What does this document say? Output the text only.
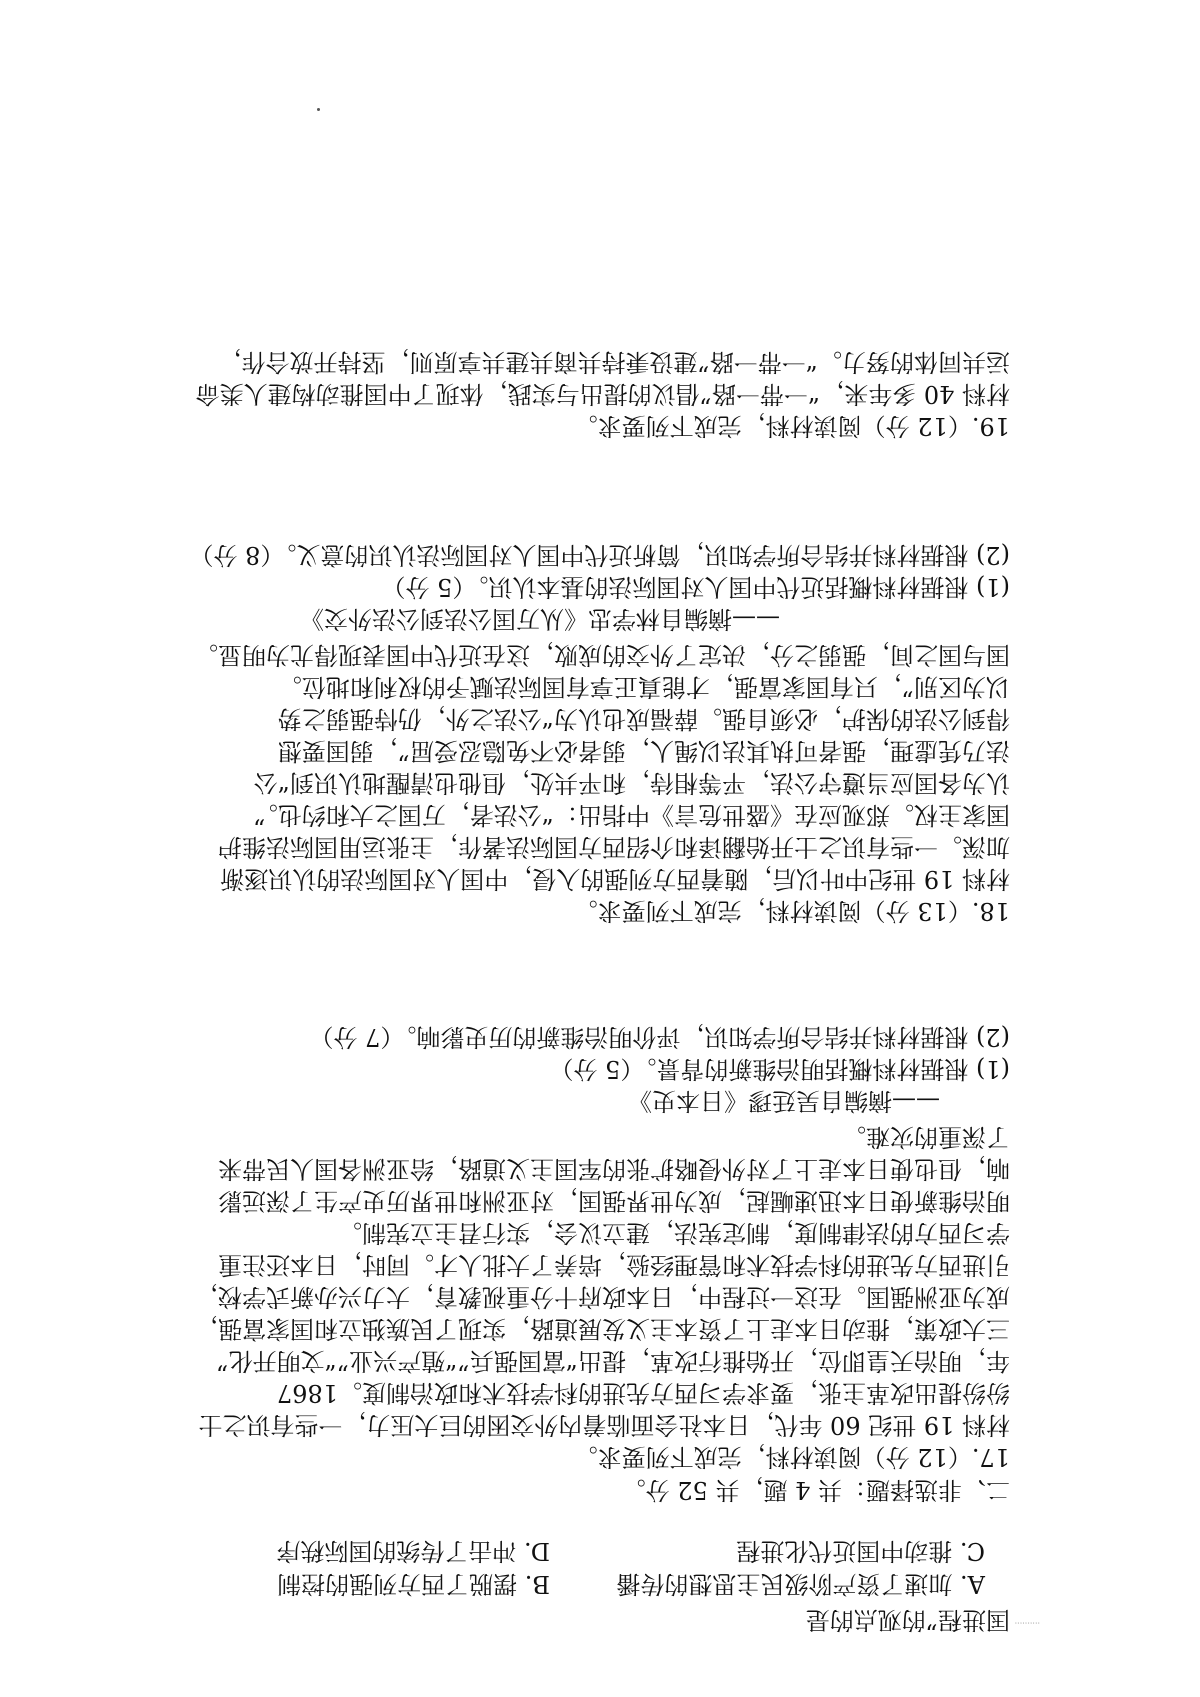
··········
国进程”的观点的是
A. 加速了资产阶级民主思想的传播
B. 摆脱了西方列强的控制
C. 推动中国近代化进程
D. 冲击了传统的国际秩序
二、非选择题：共 4 题，共 52 分。
17.（12 分）阅读材料，完成下列要求。
材料 19 世纪 60 年代，日本社会面临着内外交困的巨大压力，一些有识之士
纷纷提出改革主张，要求学习西方先进的科学技术和政治制度。1867
年，明治天皇即位，开始推行改革，提出“富国强兵”“殖产兴业”“文明开化”
三大政策，推动日本走上了资本主义发展道路，实现了民族独立和国家富强，
成为亚洲强国。在这一过程中，日本政府十分重视教育，大力兴办新式学校，
引进西方先进的科学技术和管理经验，培养了大批人才。同时，日本还注重
学习西方的法律制度，制定宪法，建立议会，实行君主立宪制。
明治维新使日本迅速崛起，成为世界强国，对亚洲和世界历史产生了深远影
响，但也使日本走上了对外侵略扩张的军国主义道路，给亚洲各国人民带来
了深重的灾难。
——摘编自吴廷璆《日本史》
(1) 根据材料概括明治维新的背景。（5 分）
(2) 根据材料并结合所学知识，评价明治维新的历史影响。（7 分）
18.（13 分）阅读材料，完成下列要求。
材料 19 世纪中叶以后，随着西方列强的入侵，中国人对国际法的认识逐渐
加深。一些有识之士开始翻译和介绍西方国际法著作，主张运用国际法维护
国家主权。郑观应在《盛世危言》中指出：“公法者，万国之大和约也。”
认为各国应当遵守公法，平等相待，和平共处，但他也清醒地认识到“公
法乃凭虚理，强者可执其法以绳人，弱者必不免隐忍受屈”，弱国要想
得到公法的保护，必须自强。薛福成也认为“公法之外，仍恃强弱之势
以为区别”，只有国家富强，才能真正享有国际法赋予的权利和地位。
国与国之间，强弱之分，决定了外交的成败，这在近代中国表现得尤为明显。
——摘编自林学忠《从万国公法到公法外交》
(1) 根据材料概括近代中国人对国际法的基本认识。（5 分）
(2) 根据材料并结合所学知识，简析近代中国人对国际法认识的意义。（8 分）
19.（12 分）阅读材料，完成下列要求。
材料 40 多年来，“一带一路”倡议的提出与实践，体现了中国推动构建人类命
运共同体的努力。“一带一路”建设秉持共商共建共享原则，坚持开放合作，
